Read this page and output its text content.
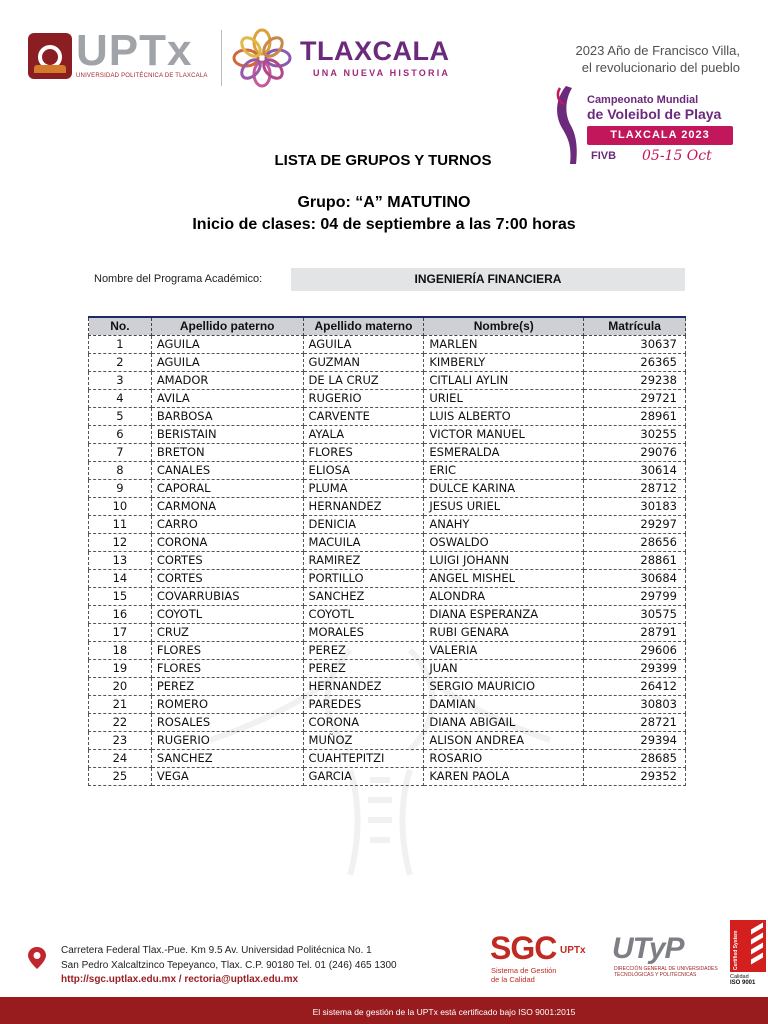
UPTx
UNIVERSIDAD POLITÉCNICA DE TLAXCALA
TLAXCALA
UNA NUEVA HISTORIA
2023 Año de Francisco Villa,
el revolucionario del pueblo
Campeonato Mundial
de Voleibol de Playa
TLAXCALA 2023
FIVB 05-15 Oct
LISTA DE GRUPOS Y TURNOS
Grupo: “A” MATUTINO
Inicio de clases: 04 de septiembre a las 7:00 horas
Nombre del Programa Académico:	INGENIERÍA FINANCIERA
No.	Apellido paterno	Apellido materno	Nombre(s)	Matrícula
1	AGUILA	AGUILA	MARLEN	30637
2	AGUILA	GUZMAN	KIMBERLY	26365
3	AMADOR	DE LA CRUZ	CITLALI AYLIN	29238
4	AVILA	RUGERIO	URIEL	29721
5	BARBOSA	CARVENTE	LUIS ALBERTO	28961
6	BERISTAIN	AYALA	VICTOR MANUEL	30255
7	BRETON	FLORES	ESMERALDA	29076
8	CANALES	ELIOSA	ERIC	30614
9	CAPORAL	PLUMA	DULCE KARINA	28712
10	CARMONA	HERNANDEZ	JESUS URIEL	30183
11	CARRO	DENICIA	ANAHY	29297
12	CORONA	MACUILA	OSWALDO	28656
13	CORTES	RAMIREZ	LUIGI JOHANN	28861
14	CORTES	PORTILLO	ANGEL MISHEL	30684
15	COVARRUBIAS	SANCHEZ	ALONDRA	29799
16	COYOTL	COYOTL	DIANA ESPERANZA	30575
17	CRUZ	MORALES	RUBI GENARA	28791
18	FLORES	PEREZ	VALERIA	29606
19	FLORES	PEREZ	JUAN	29399
20	PEREZ	HERNANDEZ	SERGIO MAURICIO	26412
21	ROMERO	PAREDES	DAMIAN	30803
22	ROSALES	CORONA	DIANA ABIGAIL	28721
23	RUGERIO	MUÑOZ	ALISON ANDREA	29394
24	SANCHEZ	CUAHTEPITZI	ROSARIO	28685
25	VEGA	GARCIA	KAREN PAOLA	29352
Carretera Federal Tlax.-Pue. Km 9.5 Av. Universidad Politécnica No. 1
San Pedro Xalcaltzinco Tepeyanco, Tlax. C.P. 90180 Tel. 01 (246) 465 1300
http://sgc.uptlax.edu.mx / rectoria@uptlax.edu.mx
SGC UPTx
Sistema de Gestión
de la Calidad
UTyP
DIRECCIÓN GENERAL DE UNIVERSIDADES
TECNOLÓGICAS Y POLITÉCNICAS
Certified System
Calidad
ISO 9001
El sistema de gestión de la UPTx está certificado bajo ISO 9001:2015
